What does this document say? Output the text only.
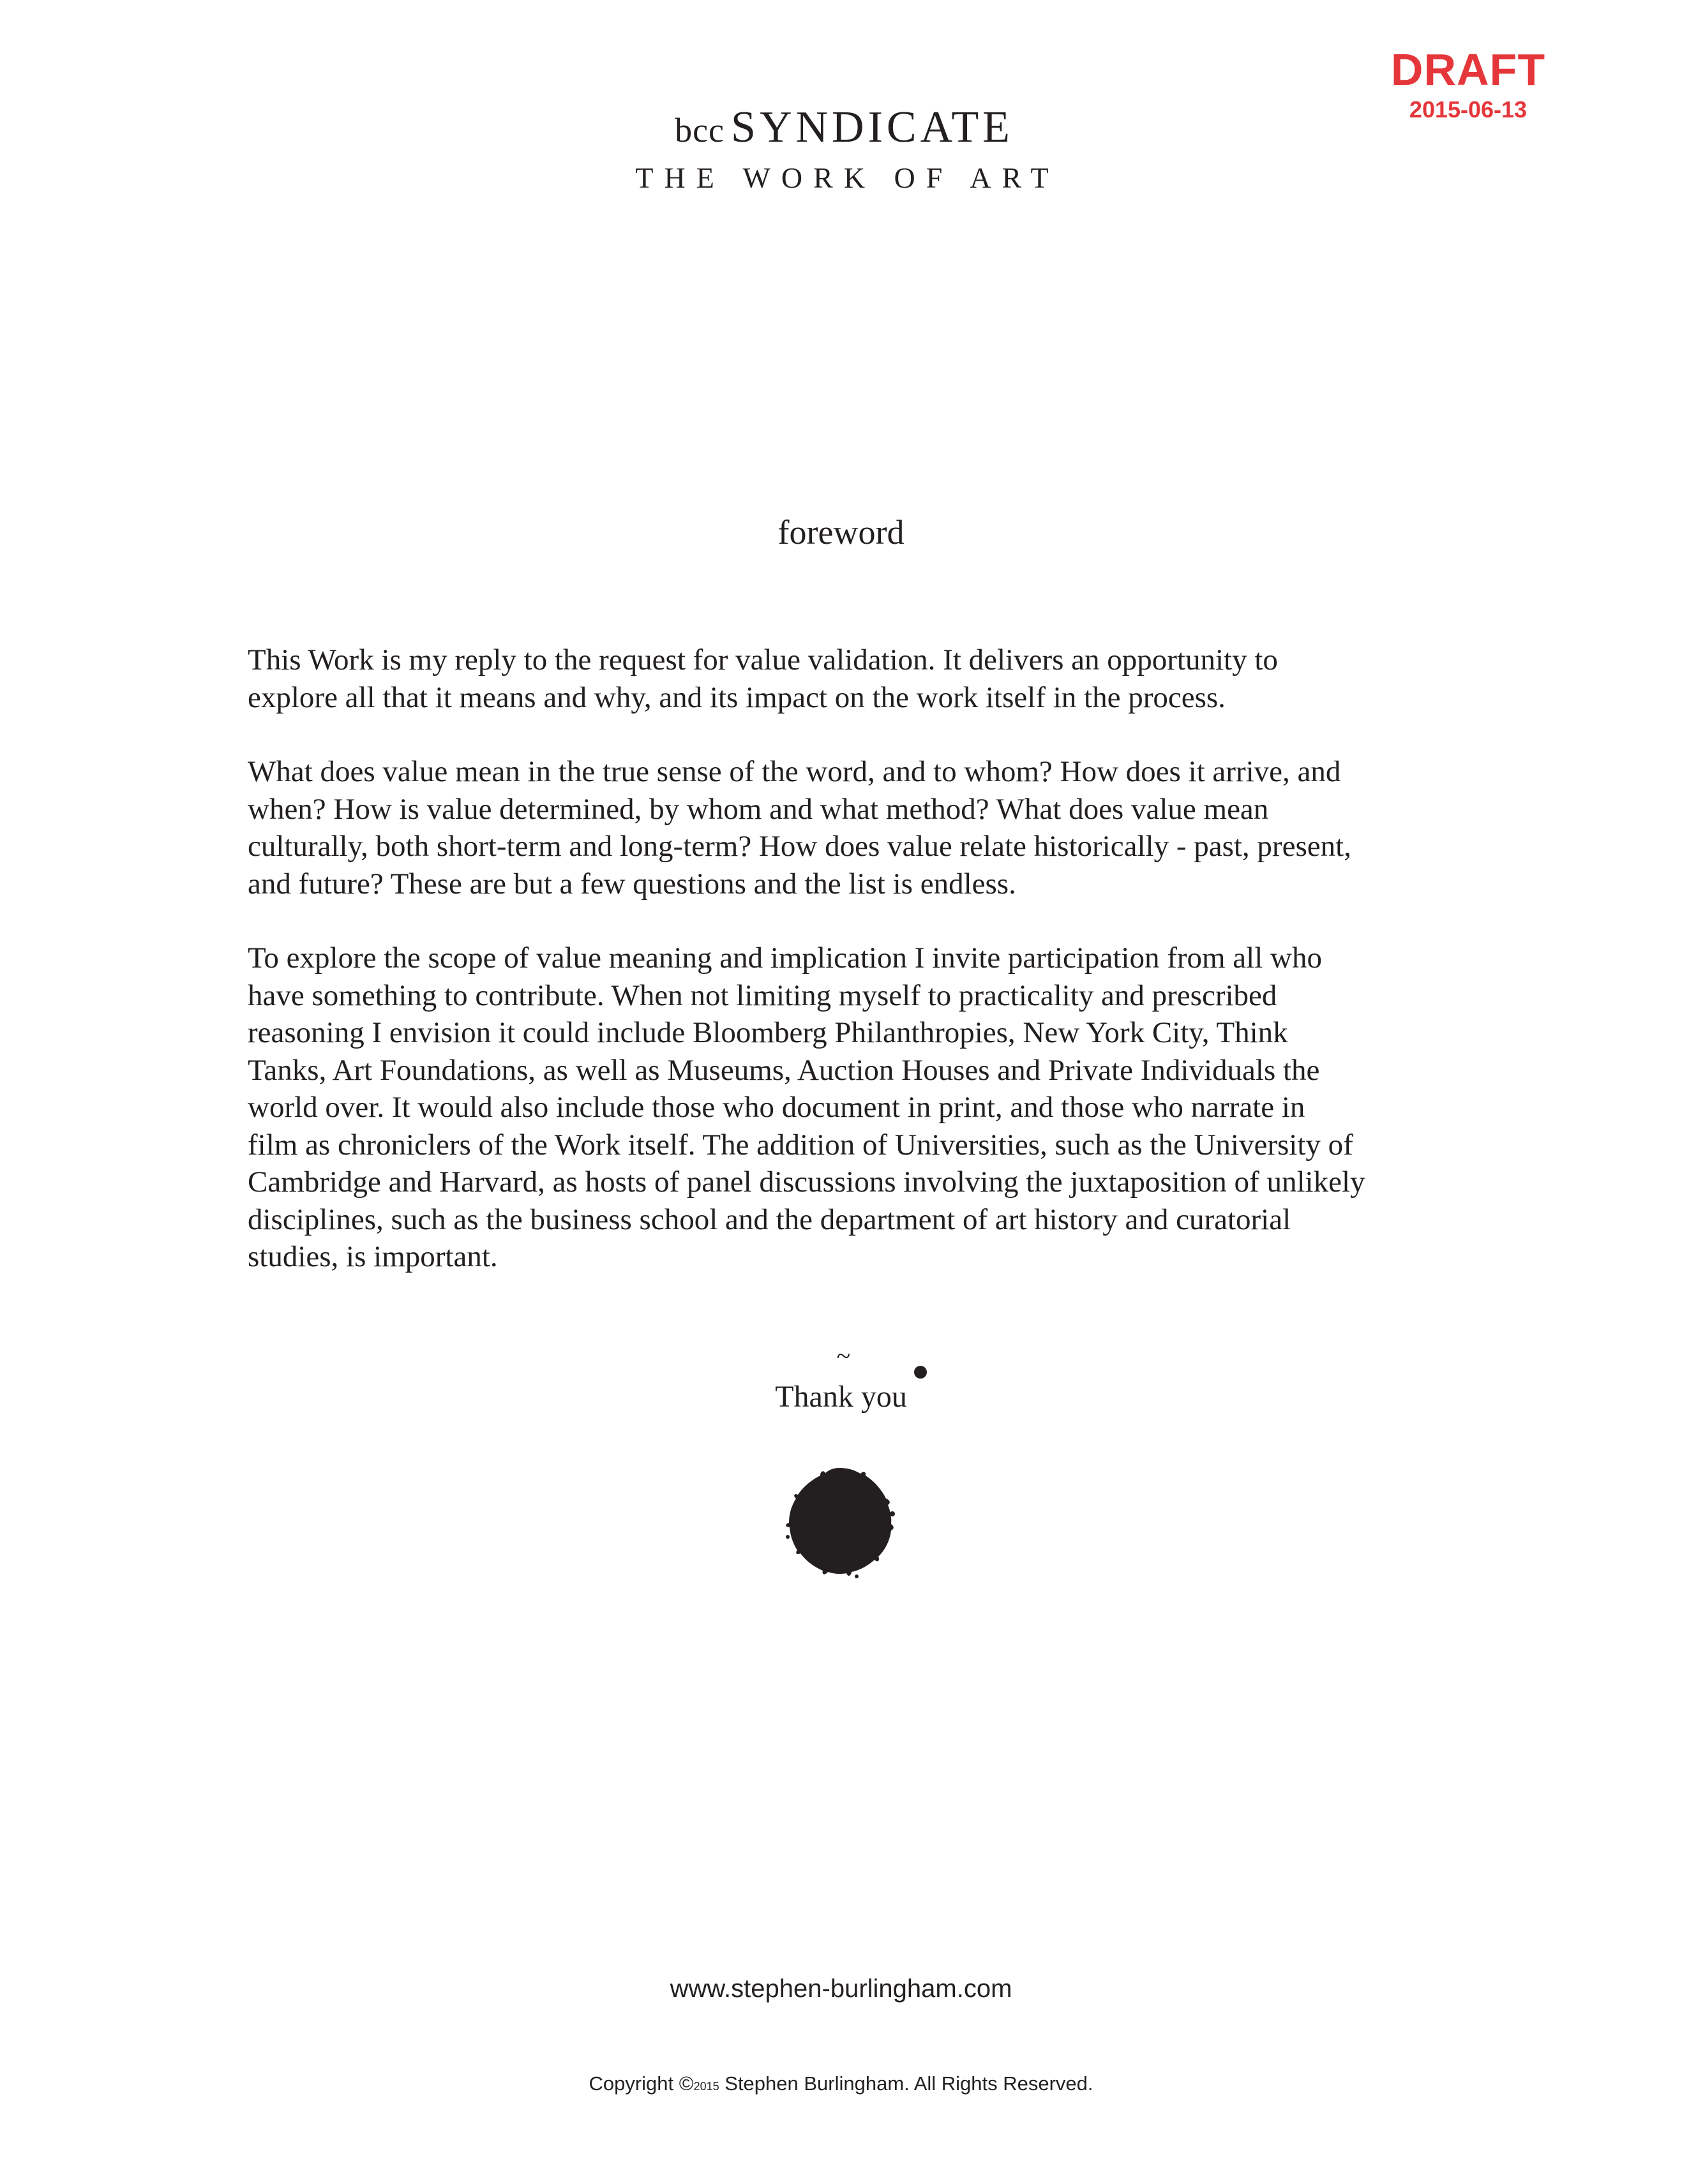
DRAFT
2015-06-13
bcc SYNDICATE
THE WORK OF ART
foreword

This Work is my reply to the request for value validation. It delivers an opportunity to
explore all that it means and why, and its impact on the work itself in the process.

What does value mean in the true sense of the word, and to whom? How does it arrive, and
when? How is value determined, by whom and what method? What does value mean
culturally, both short-term and long-term? How does value relate historically - past, present,
and future? These are but a few questions and the list is endless.

To explore the scope of value meaning and implication I invite participation from all who
have something to contribute. When not limiting myself to practicality and prescribed
reasoning I envision it could include Bloomberg Philanthropies, New York City, Think
Tanks, Art Foundations, as well as Museums, Auction Houses and Private Individuals the
world over. It would also include those who document in print, and those who narrate in
film as chroniclers of the Work itself. The addition of Universities, such as the University of
Cambridge and Harvard, as hosts of panel discussions involving the juxtaposition of unlikely
disciplines, such as the business school and the department of art history and curatorial
studies, is important.

~
Thank you
www.stephen-burlingham.com
Copyright ©2015 Stephen Burlingham. All Rights Reserved.
